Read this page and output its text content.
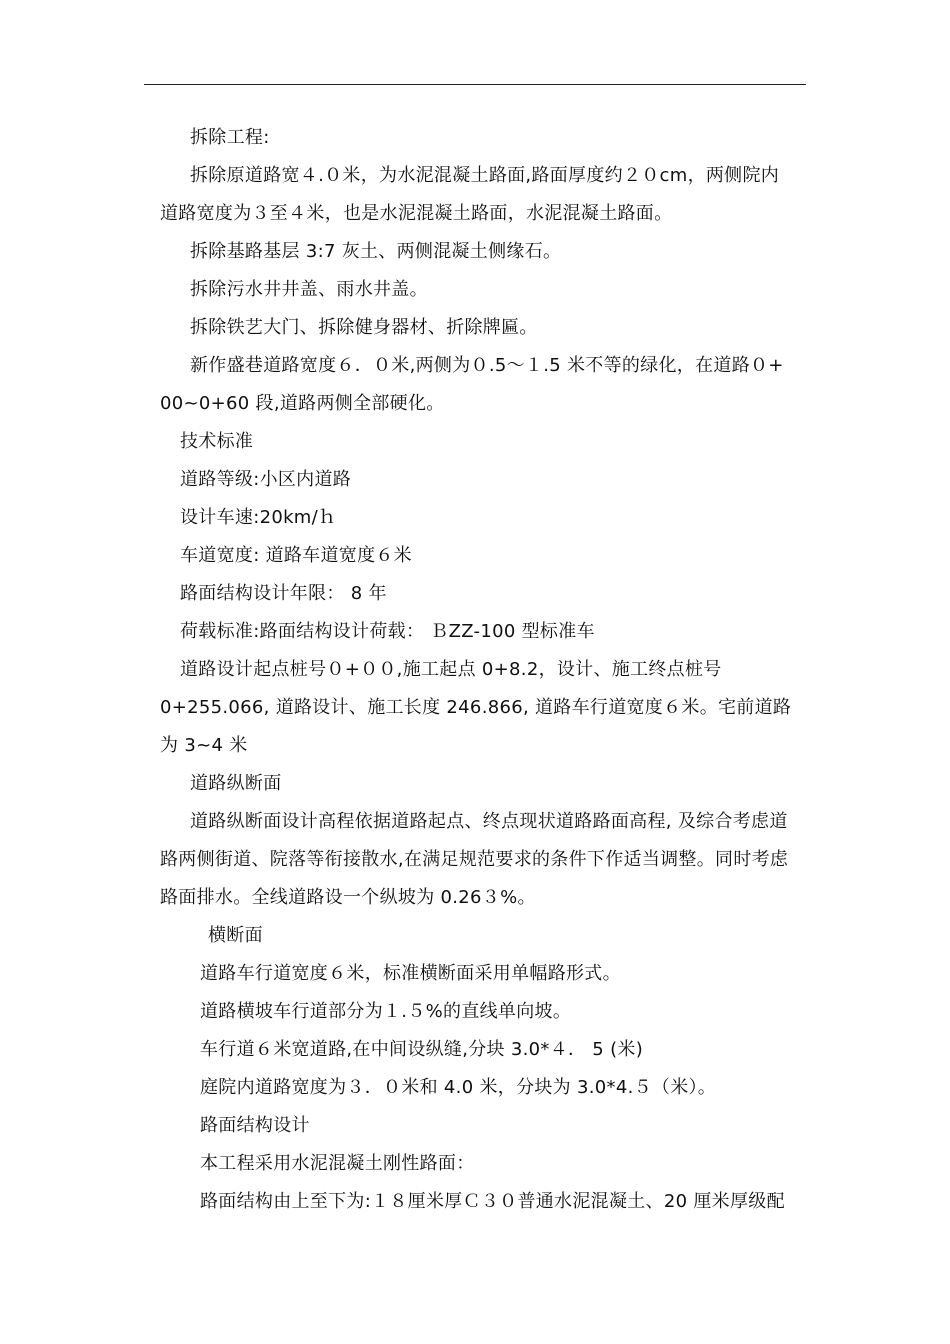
拆除工程:
拆除原道路宽４.０米，为水泥混凝土路面,路面厚度约２０cm，两侧院内
道路宽度为３至４米，也是水泥混凝土路面，水泥混凝土路面。
拆除基路基层 3:7 灰土、两侧混凝土侧缘石。
拆除污水井井盖、雨水井盖。
拆除铁艺大门、拆除健身器材、折除牌匾。
新作盛巷道路宽度６．０米,两侧为０.5～１.5 米不等的绿化，在道路０+
00~0+60 段,道路两侧全部硬化。
技术标准
道路等级:小区内道路
设计车速:20km/ｈ
车道宽度: 道路车道宽度６米
路面结构设计年限： 8 年
荷载标准:路面结构设计荷载： ＢZZ-100 型标准车
道路设计起点桩号０+００,施工起点 0+8.2，设计、施工终点桩号
0+255.066, 道路设计、施工长度 246.866, 道路车行道宽度６米。宅前道路
为 3~4 米
道路纵断面
道路纵断面设计高程依据道路起点、终点现状道路路面高程, 及综合考虑道
路两侧街道、院落等衔接散水,在满足规范要求的条件下作适当调整。同时考虑
路面排水。全线道路设一个纵坡为 0.26３%。
横断面
道路车行道宽度６米，标准横断面采用单幅路形式。
道路横坡车行道部分为１.５%的直线单向坡。
车行道６米宽道路,在中间设纵缝,分块 3.0*４． 5 (米)
庭院内道路宽度为３．０米和 4.0 米，分块为 3.0*4.５（米）。
路面结构设计
本工程采用水泥混凝土刚性路面：
路面结构由上至下为:１８厘米厚Ｃ３０普通水泥混凝土、20 厘米厚级配
